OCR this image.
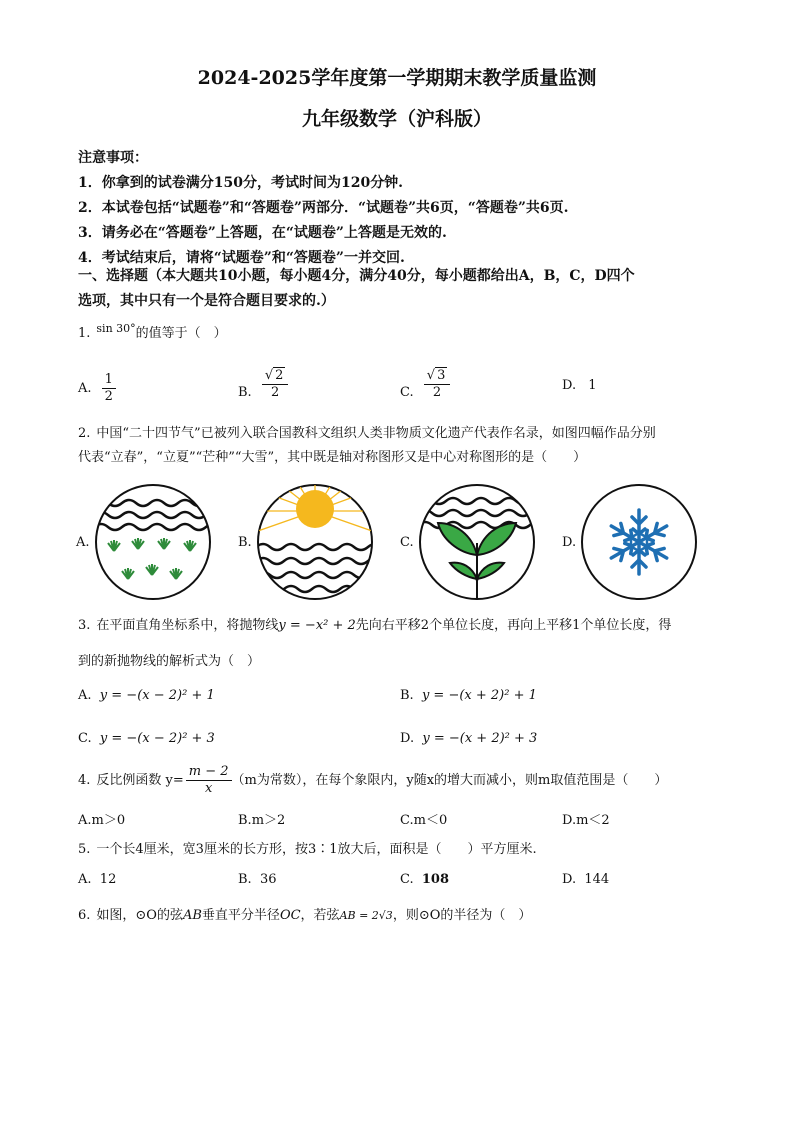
2024-2025学年度第一学期期末教学质量监测
九年级数学（沪科版）
注意事项：
1．你拿到的试卷满分150分，考试时间为120分钟.
2．本试卷包括“试题卷”和“答题卷”两部分．“试题卷”共6页，“答题卷”共6页.
3．请务必在“答题卷”上答题，在“试题卷”上答题是无效的.
4．考试结束后，请将“试题卷”和“答题卷”一并交回.
一、选择题（本大题共10小题，每小题4分，满分40分，每小题都给出A，B，C，D四个
选项，其中只有一个是符合题目要求的.）
1. $^{sin 30^\circ}$的值等于（　）
A. $\frac{1}{2}$	B. $\frac{√ 2}{2}$	C. $\frac{√ 3}{2}$	D. 1
2. 中国“二十四节气”已被列入联合国教科文组织人类非物质文化遗产代表作名录，如图四幅作品分别
代表“立春”，“立夏”“芒种”“大雪”，其中既是轴对称图形又是中心对称图形的是（　　）
A.	B.	C.	D.
3. 在平面直角坐标系中，将抛物线y = −x² + 2先向右平移2个单位长度，再向上平移1个单位长度，得
到的新抛物线的解析式为（　）
A. y = −(x − 2)² + 1	B. y = −(x + 2)² + 1
C. y = −(x − 2)² + 3	D. y = −(x + 2)² + 3
4. 反比例函数 $y= \frac{m - 2}{x} (m$为常数），在每个象限内，y随x的增大而减小，则m取值范围是（　　）
A.m＞0	B.m＞2	C.m＜0	D.m＜2
5. 一个长4厘米，宽3厘米的长方形，按3∶1放大后，面积是（　　）平方厘米.
A. 12	B. 36	C. 108	D. 144
6. 如图，⊙O的弦AB垂直平分半径OC，若弦AB = 2√3，则⊙O的半径为（　）
